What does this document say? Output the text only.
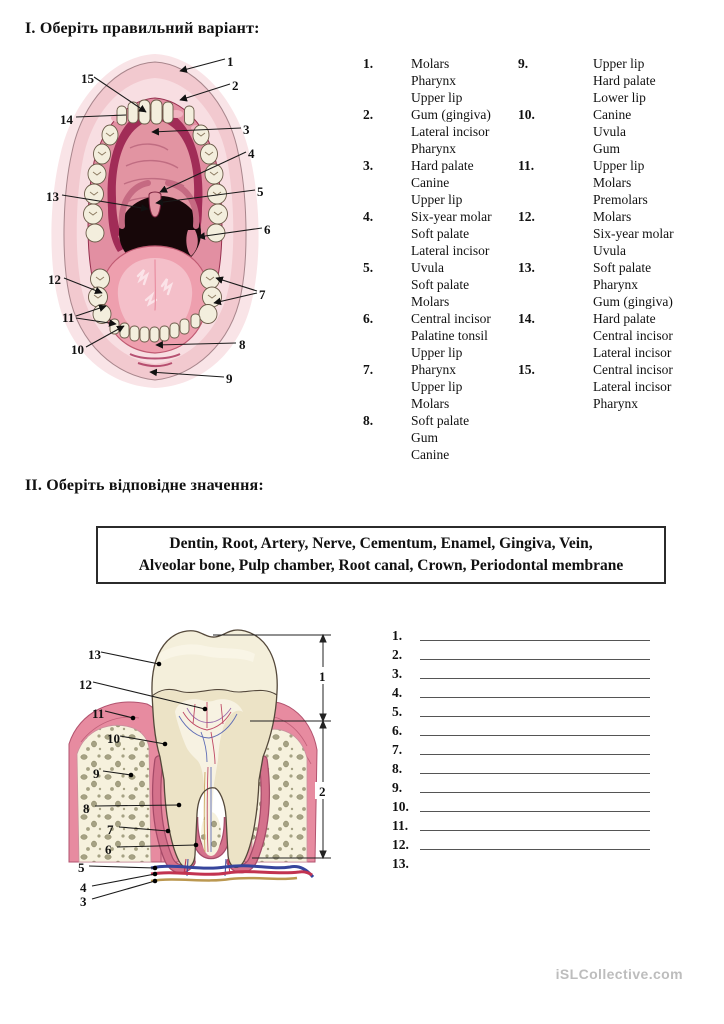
I. Оберіть правильний варіант:
1
2
3
4
5
6
7
8
9
10
11
12
13
14
15
1.	Molars
Pharynx
Upper lip
2.	Gum (gingiva)
Lateral incisor
Pharynx
3.	Hard palate
Canine
Upper lip
4.	Six-year molar
Soft palate
Lateral incisor
5.	Uvula
Soft palate
Molars
6.	Central incisor
Palatine tonsil
Upper lip
7.	Pharynx
Upper lip
Molars
8.	Soft palate
Gum
Canine
9.	Upper lip
Hard palate
Lower lip
10.	Canine
Uvula
Gum
11.	Upper lip
Molars
Premolars
12.	Molars
Six-year molar
Uvula
13.	Soft palate
Pharynx
Gum (gingiva)
14.	Hard palate
Central incisor
Lateral incisor
15.	Central incisor
Lateral incisor
Pharynx
II. Оберіть відповідне значення:
Dentin, Root, Artery, Nerve, Cementum, Enamel, Gingiva, Vein,
Alveolar bone, Pulp chamber, Root canal, Crown, Periodontal membrane
1
2
13
12
11
10
9
8
7
6
5
4
3
1.
2.
3.
4.
5.
6.
7.
8.
9.
10.
11.
12.
13.
iSLCollective.com
